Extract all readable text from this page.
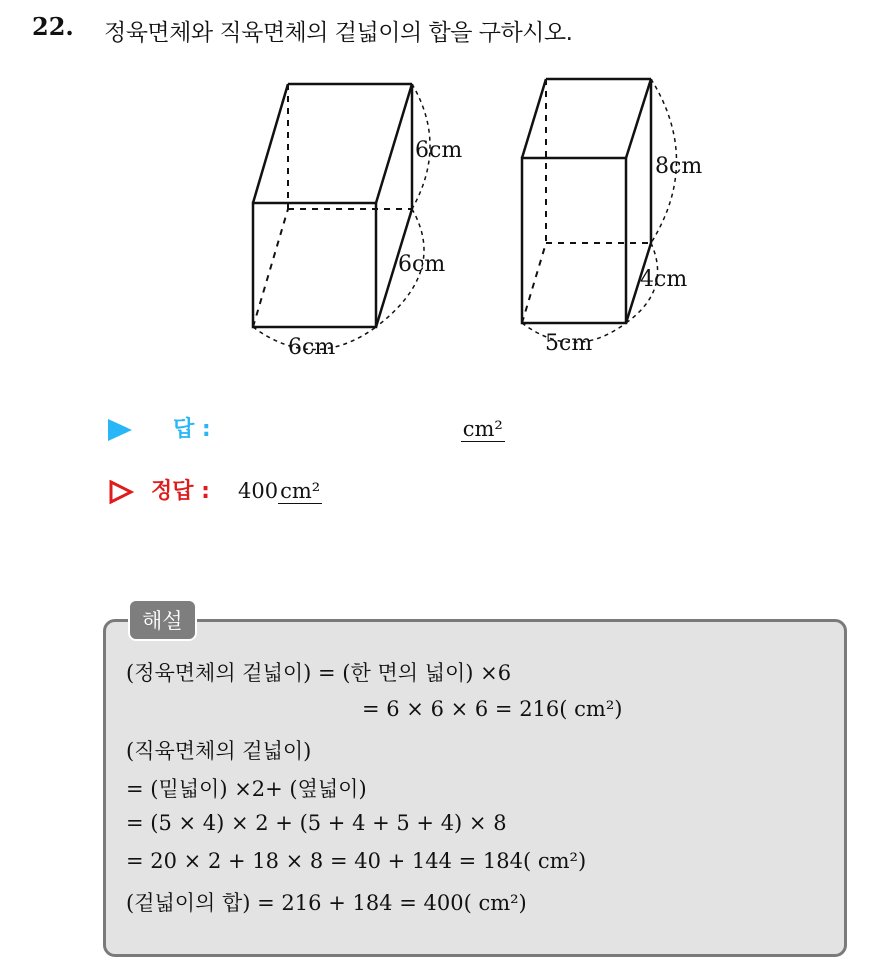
22. 정육면체와 직육면체의 겉넓이의 합을 구하시오.
6cm
6cm
6cm
8cm
4cm
5cm
답 :	cm²
정답 : 400cm²
해설
(정육면체의 겉넓이) = (한 면의 넓이) ×6
= 6 × 6 × 6 = 216( cm²)
(직육면체의 겉넓이)
= (밑넓이) ×2+ (옆넓이)
= (5 × 4) × 2 + (5 + 4 + 5 + 4) × 8
= 20 × 2 + 18 × 8 = 40 + 144 = 184( cm²)
(겉넓이의 합) = 216 + 184 = 400( cm²)
